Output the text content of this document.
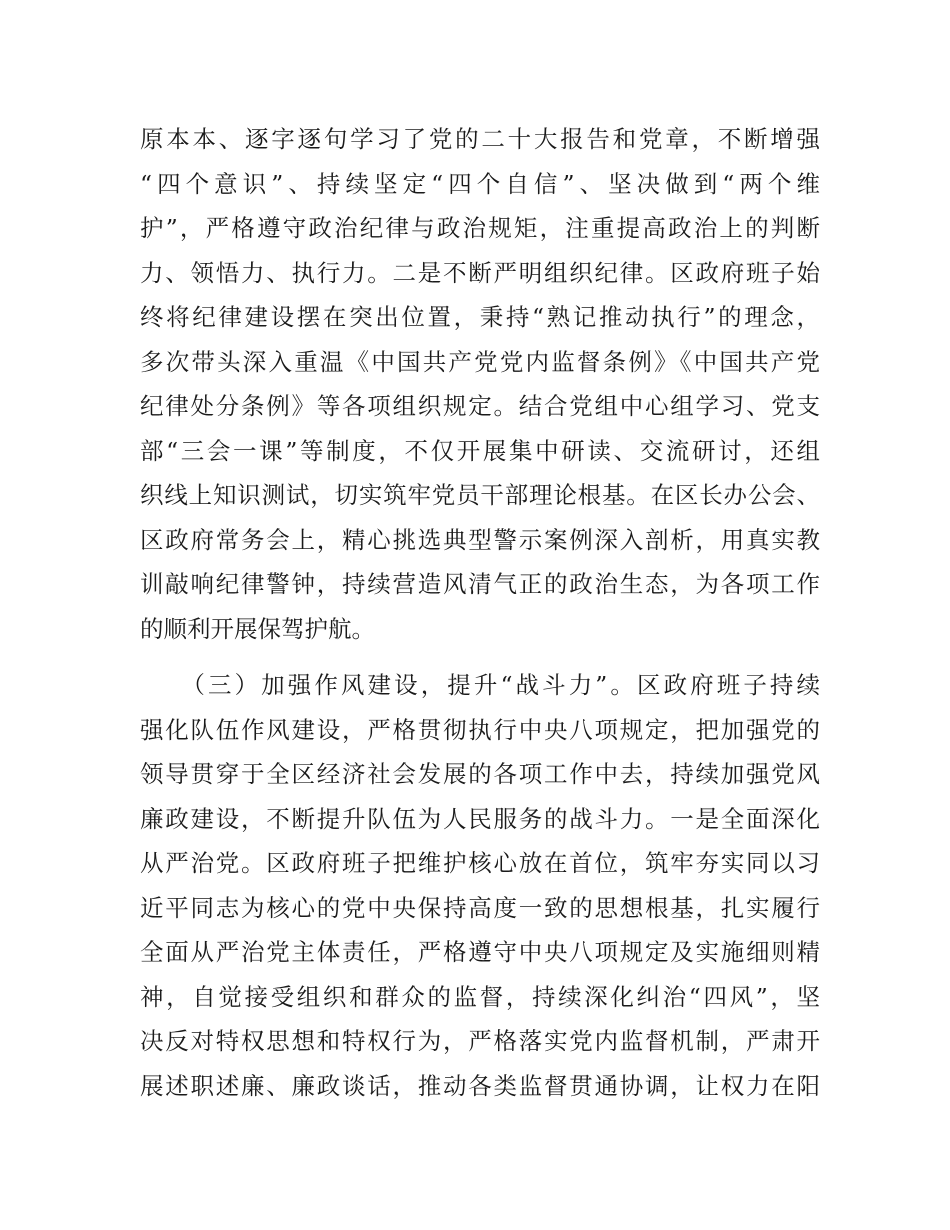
原本本、逐字逐句学习了党的二十大报告和党章，不断增强
“四个意识”、持续坚定“四个自信”、坚决做到“两个维
护”，严格遵守政治纪律与政治规矩，注重提高政治上的判断
力、领悟力、执行力。二是不断严明组织纪律。区政府班子始
终将纪律建设摆在突出位置，秉持“熟记推动执行”的理念，
多次带头深入重温《中国共产党党内监督条例》《中国共产党
纪律处分条例》等各项组织规定。结合党组中心组学习、党支
部“三会一课”等制度，不仅开展集中研读、交流研讨，还组
织线上知识测试，切实筑牢党员干部理论根基。在区长办公会、
区政府常务会上，精心挑选典型警示案例深入剖析，用真实教
训敲响纪律警钟，持续营造风清气正的政治生态，为各项工作
的顺利开展保驾护航。
　　（三）加强作风建设，提升“战斗力”。区政府班子持续
强化队伍作风建设，严格贯彻执行中央八项规定，把加强党的
领导贯穿于全区经济社会发展的各项工作中去，持续加强党风
廉政建设，不断提升队伍为人民服务的战斗力。一是全面深化
从严治党。区政府班子把维护核心放在首位，筑牢夯实同以习
近平同志为核心的党中央保持高度一致的思想根基，扎实履行
全面从严治党主体责任，严格遵守中央八项规定及实施细则精
神，自觉接受组织和群众的监督，持续深化纠治“四风”，坚
决反对特权思想和特权行为，严格落实党内监督机制，严肃开
展述职述廉、廉政谈话，推动各类监督贯通协调，让权力在阳
